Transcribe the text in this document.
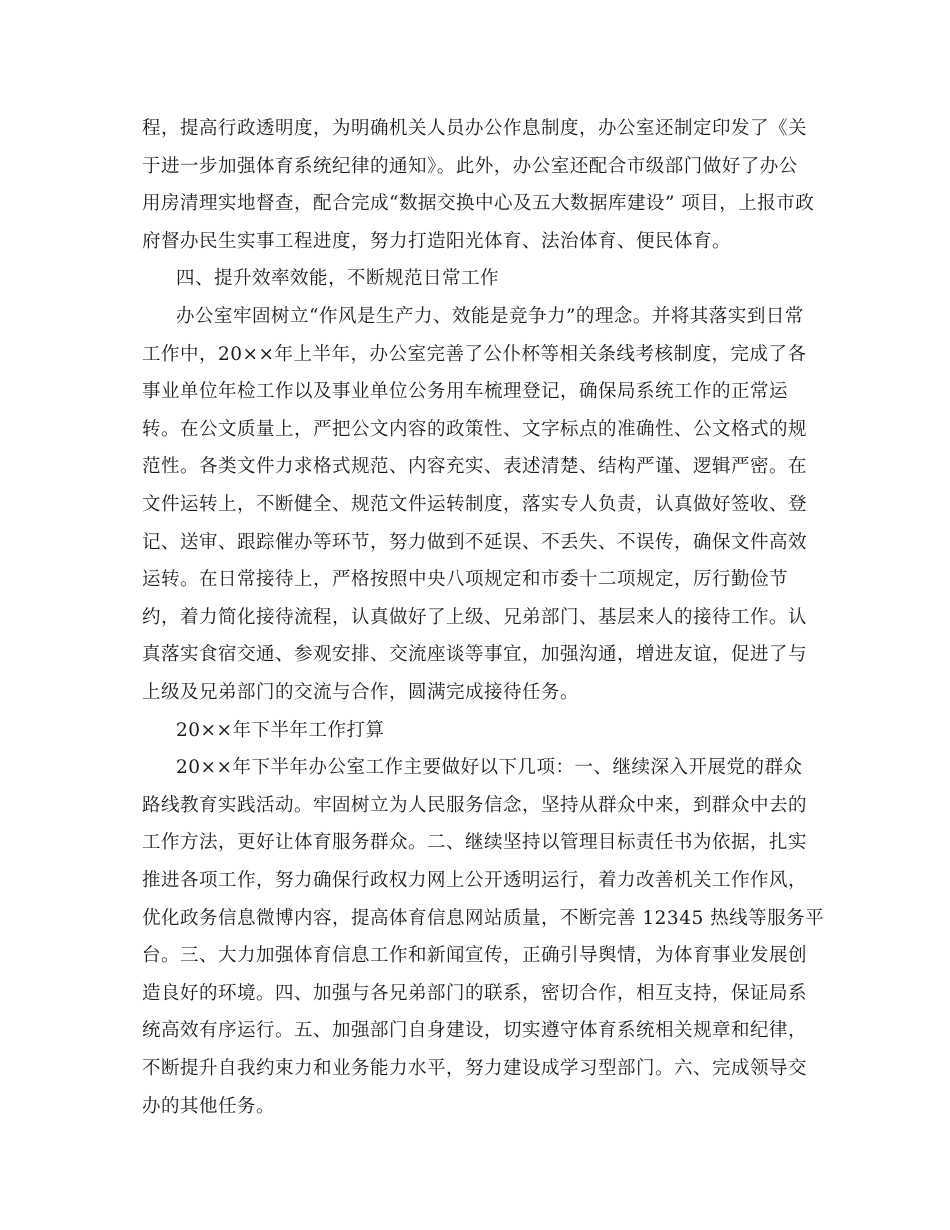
程，提高行政透明度，为明确机关人员办公作息制度，办公室还制定印发了《关
于进一步加强体育系统纪律的通知》。此外，办公室还配合市级部门做好了办公
用房清理实地督查，配合完成“数据交换中心及五大数据库建设” 项目，上报市政
府督办民生实事工程进度，努力打造阳光体育、法治体育、便民体育。
四、提升效率效能，不断规范日常工作
办公室牢固树立“作风是生产力、效能是竞争力”的理念。并将其落实到日常
工作中，20××年上半年，办公室完善了公仆杯等相关条线考核制度，完成了各
事业单位年检工作以及事业单位公务用车梳理登记，确保局系统工作的正常运
转。在公文质量上，严把公文内容的政策性、文字标点的准确性、公文格式的规
范性。各类文件力求格式规范、内容充实、表述清楚、结构严谨、逻辑严密。在
文件运转上，不断健全、规范文件运转制度，落实专人负责，认真做好签收、登
记、送审、跟踪催办等环节，努力做到不延误、不丢失、不误传，确保文件高效
运转。在日常接待上，严格按照中央八项规定和市委十二项规定，厉行勤俭节
约，着力简化接待流程，认真做好了上级、兄弟部门、基层来人的接待工作。认
真落实食宿交通、参观安排、交流座谈等事宜，加强沟通，增进友谊，促进了与
上级及兄弟部门的交流与合作，圆满完成接待任务。
20××年下半年工作打算
20××年下半年办公室工作主要做好以下几项：一、继续深入开展党的群众
路线教育实践活动。牢固树立为人民服务信念，坚持从群众中来，到群众中去的
工作方法，更好让体育服务群众。二、继续坚持以管理目标责任书为依据，扎实
推进各项工作，努力确保行政权力网上公开透明运行，着力改善机关工作作风，
优化政务信息微博内容，提高体育信息网站质量，不断完善 12345 热线等服务平
台。三、大力加强体育信息工作和新闻宣传，正确引导舆情，为体育事业发展创
造良好的环境。四、加强与各兄弟部门的联系，密切合作，相互支持，保证局系
统高效有序运行。五、加强部门自身建设，切实遵守体育系统相关规章和纪律，
不断提升自我约束力和业务能力水平，努力建设成学习型部门。六、完成领导交
办的其他任务。
